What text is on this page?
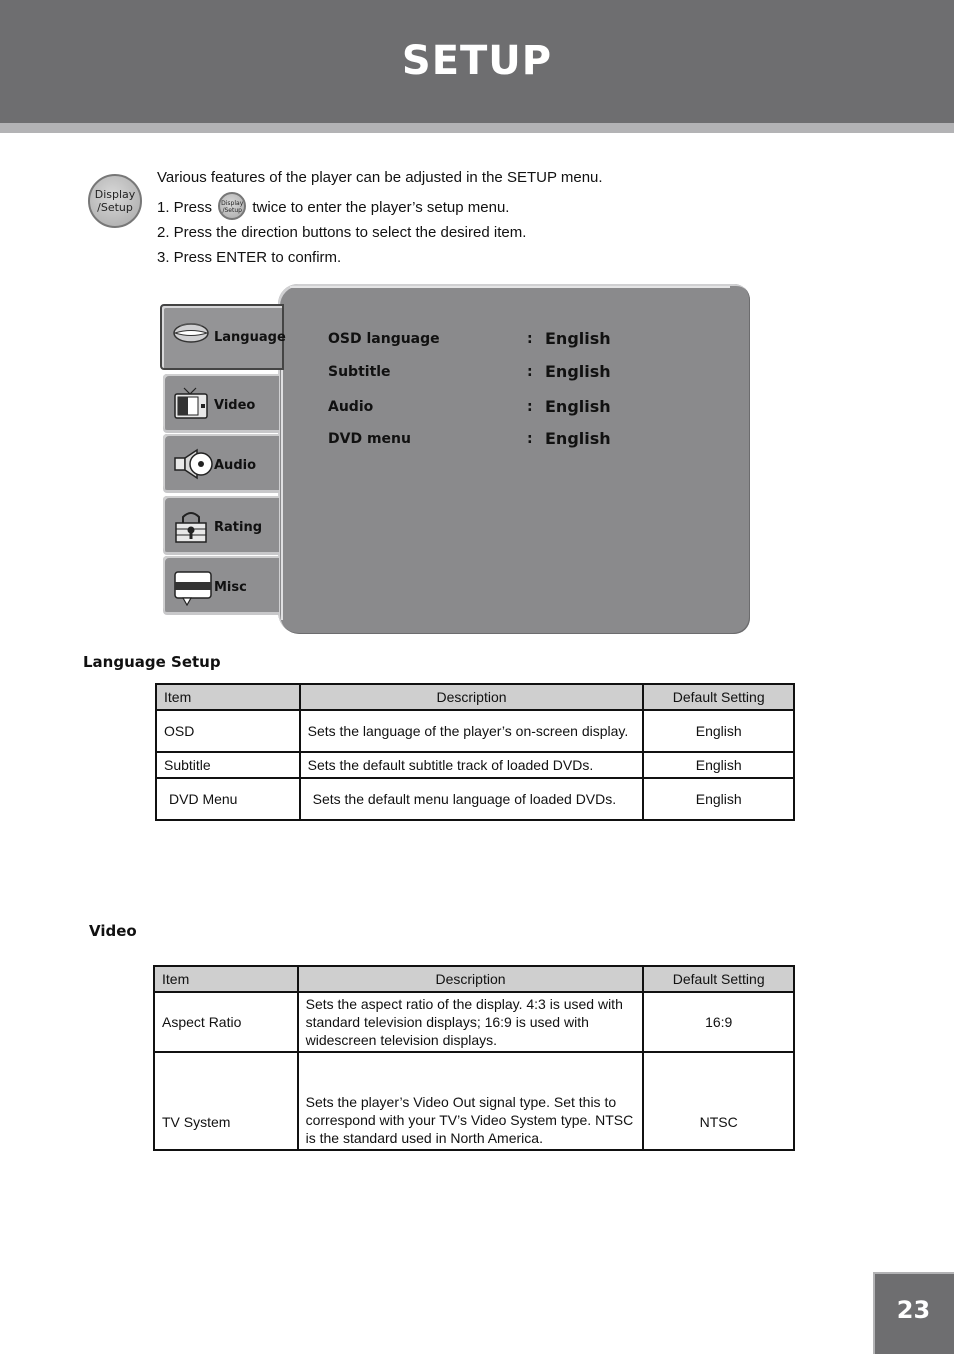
SETUP
Display
/Setup
Various features of the player can be adjusted in the SETUP menu.
1. Press Display
/Setup twice to enter the player’s setup menu.
2. Press the direction buttons to select the desired item.
3. Press ENTER to confirm.
Language
Video
Audio
Rating
Misc
OSD language	: English
Subtitle	: English
Audio	: English
DVD menu	: English
Language Setup
Item	Description	Default Setting
OSD	Sets the language of the player’s on-screen display.	English
Subtitle	Sets the default subtitle track of loaded DVDs.	English
DVD Menu	Sets the default menu language of loaded DVDs.	English
Video
Item	Description	Default Setting
Aspect Ratio	Sets the aspect ratio of the display. 4:3 is used with standard television displays; 16:9 is used with widescreen television displays.	16:9
TV System	Sets the player’s Video Out signal type. Set this to correspond with your TV’s Video System type. NTSC is the standard used in North America.	NTSC
23
